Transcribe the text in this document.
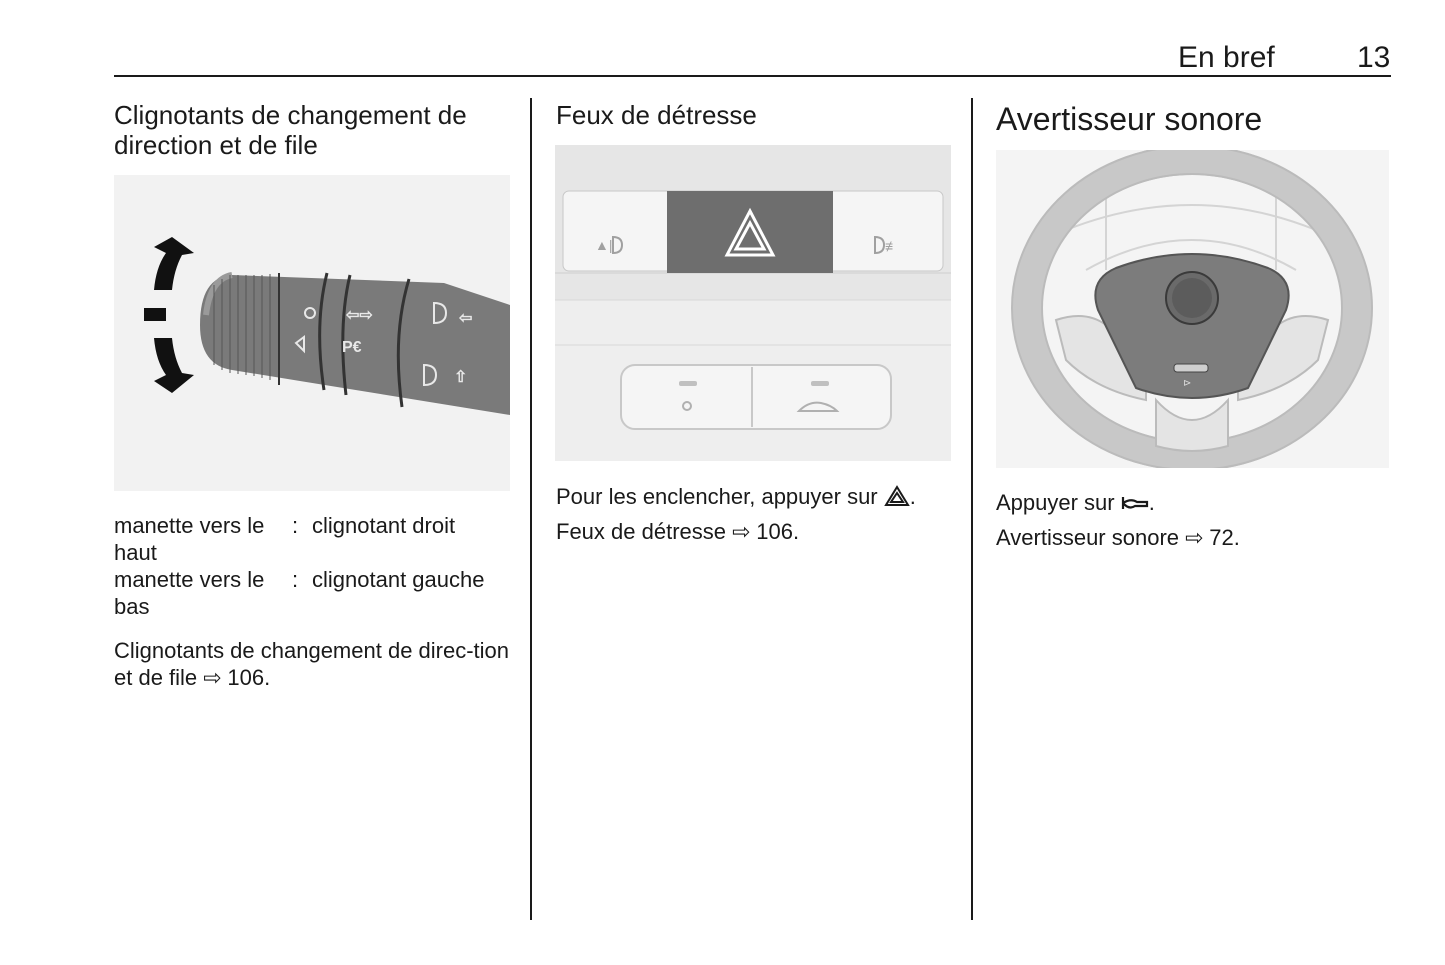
En bref	13
Clignotants de changement de direction et de file
⇦⇨
P€
⇦
⇧
manette vers le haut
: clignotant droit
manette vers le bas
: clignotant gauche

Clignotants de changement de direc-tion et de file ⇨ 106.

Feux de détresse
▲|	≢

Pour les enclencher, appuyer sur .

Feux de détresse ⇨ 106.

Avertisseur sonore
⊳

Appuyer sur .

Avertisseur sonore ⇨ 72.
